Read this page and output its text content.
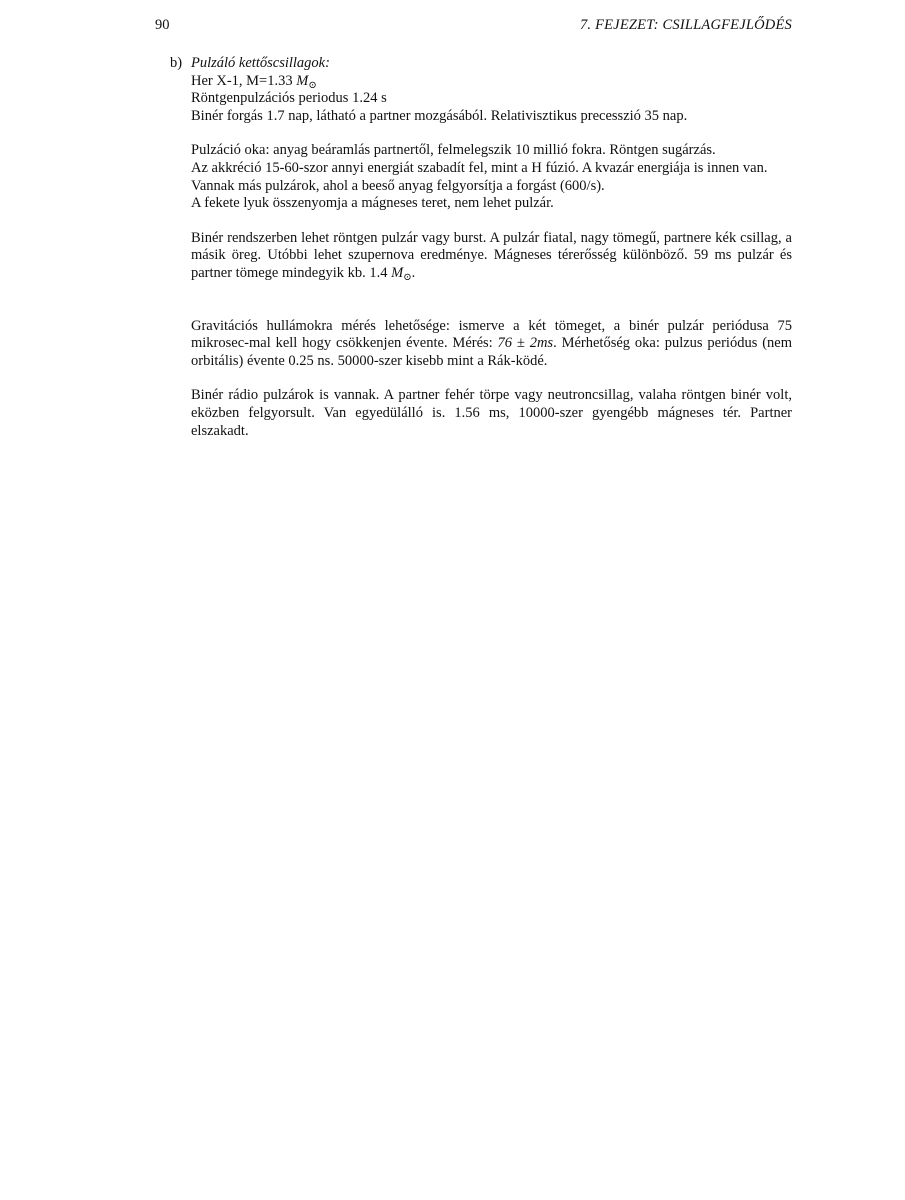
90	7. FEJEZET: CSILLAGFEJLŐDÉS
b) Pulzáló kettőscsillagok:
Her X-1, M=1.33 $M_⊙$
Röntgenpulzációs periodus 1.24 s
Binér forgás 1.7 nap, látható a partner mozgásából. Relativisztikus precesszió 35 nap.
Pulzáció oka: anyag beáramlás partnertől, felmelegszik 10 millió fokra. Röntgen sugárzás.

Az akkréció 15-60-szor annyi energiát szabadít fel, mint a H fúzió. A kvazár energiája is innen van.

Vannak más pulzárok, ahol a beeső anyag felgyorsítja a forgást (600/s).
A fekete lyuk összenyomja a mágneses teret, nem lehet pulzár.

Binér rendszerben lehet röntgen pulzár vagy burst. A pulzár fiatal, nagy tömegű, partnere kék csillag, a másik öreg. Utóbbi lehet szupernova eredménye. Mágneses térerősség különböző. 59 ms pulzár és partner tömege mindegyik kb. 1.4 $M_⊙$.

Gravitációs hullámokra mérés lehetősége: ismerve a két tömeget, a binér pulzár periódusa 75 mikrosec-mal kell hogy csökkenjen évente. Mérés: 76 ± 2ms. Mérhetőség oka: pulzus periódus (nem orbitális) évente 0.25 ns. 50000-szer kisebb mint a Rák-ködé.

Binér rádio pulzárok is vannak. A partner fehér törpe vagy neutroncsillag, valaha röntgen binér volt, eközben felgyorsult. Van egyedülálló is. 1.56 ms, 10000-szer gyengébb mágneses tér. Partner elszakadt.
